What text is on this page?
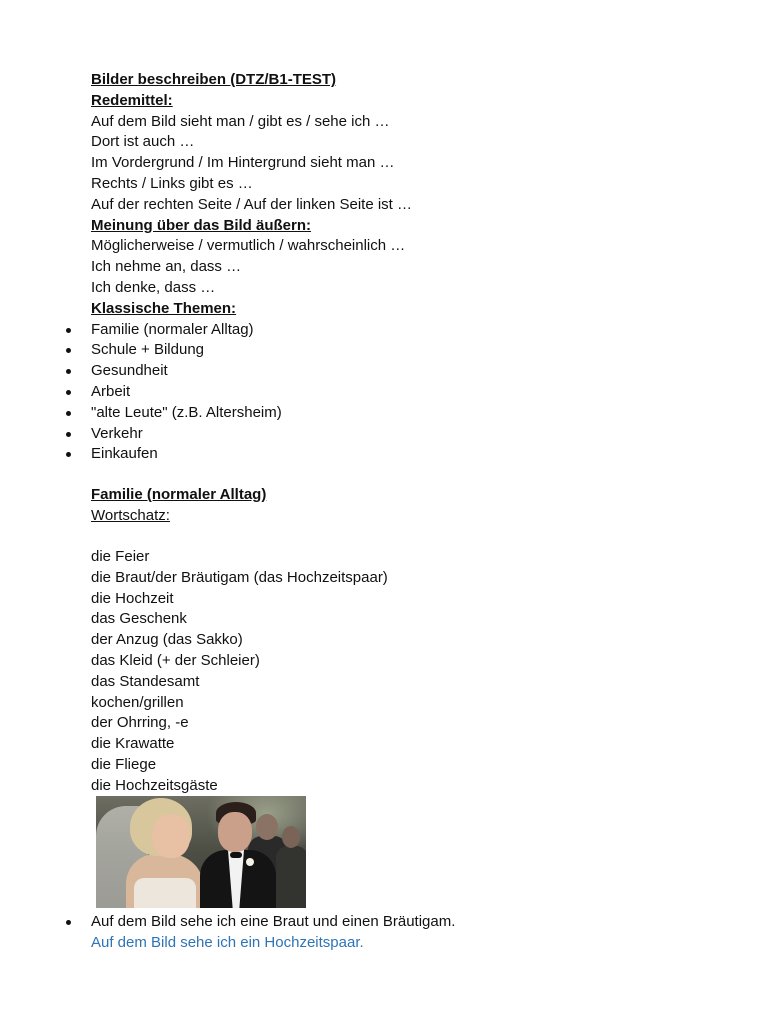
Bilder beschreiben (DTZ/B1-TEST)
Redemittel:
Auf dem Bild sieht man / gibt es / sehe ich …
Dort ist auch …
Im Vordergrund / Im Hintergrund sieht man …
Rechts / Links gibt es …
Auf der rechten Seite / Auf der linken Seite ist …
Meinung über das Bild äußern:
Möglicherweise / vermutlich / wahrscheinlich …
Ich nehme an, dass …
Ich denke, dass …
Klassische Themen:
Familie (normaler Alltag)
Schule + Bildung
Gesundheit
Arbeit
"alte Leute" (z.B. Altersheim)
Verkehr
Einkaufen
Familie (normaler Alltag)
Wortschatz:
die Feier
die Braut/der Bräutigam (das Hochzeitspaar)
die Hochzeit
das Geschenk
der Anzug (das Sakko)
das Kleid (+ der Schleier)
das Standesamt
kochen/grillen
der Ohrring, -e
die Krawatte
die Fliege
die Hochzeitsgäste
Auf dem Bild sehe ich eine Braut und einen Bräutigam.
Auf dem Bild sehe ich ein Hochzeitspaar.
